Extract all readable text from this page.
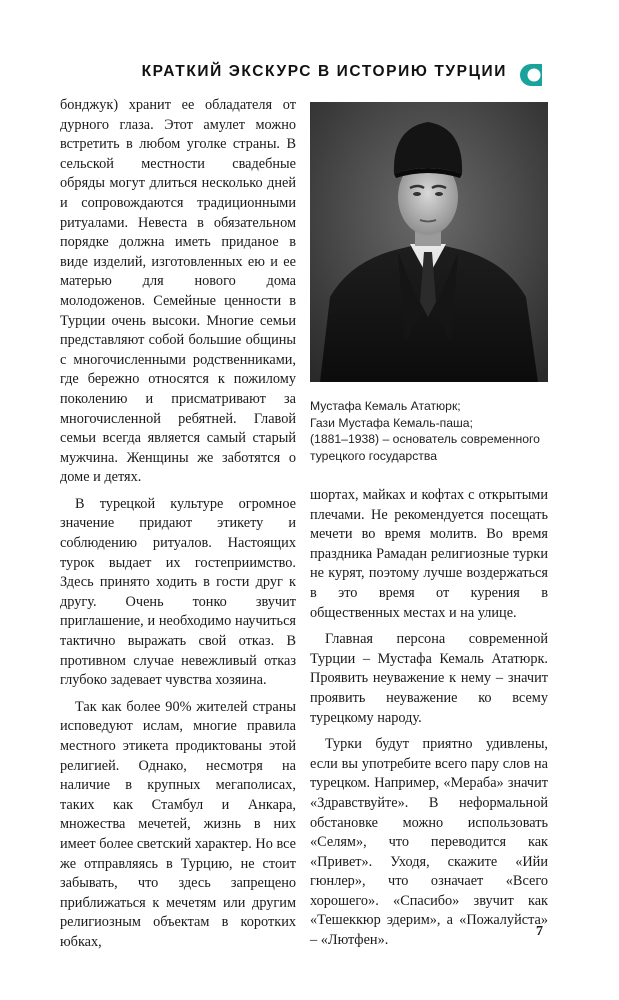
КРАТКИЙ ЭКСКУРС В ИСТОРИЮ ТУРЦИИ

бонджук) хранит ее обладателя от дурного глаза. Этот амулет можно встретить в любом уголке страны. В сельской местности свадебные обряды могут длиться несколько дней и сопровождаются традиционными ритуалами. Невеста в обязательном порядке должна иметь приданое в виде изделий, изготовленных ею и ее матерью для нового дома молодоженов. Семейные ценности в Турции очень высоки. Многие семьи представляют собой большие общины с многочисленными родственниками, где бережно относятся к пожилому поколению и присматривают за многочисленной ребятней. Главой семьи всегда является самый старый мужчина. Женщины же заботятся о доме и детях.

В турецкой культуре огромное значение придают этикету и соблюдению ритуалов. Настоящих турок выдает их гостеприимство. Здесь принято ходить в гости друг к другу. Очень тонко звучит приглашение, и необходимо научиться тактично выражать свой отказ. В противном случае невежливый отказ глубоко задевает чувства хозяина.

Так как более 90% жителей страны исповедуют ислам, многие правила местного этикета продиктованы этой религией. Однако, несмотря на наличие в крупных мегаполисах, таких как Стамбул и Анкара, множества мечетей, жизнь в них имеет более светский характер. Но все же отправляясь в Турцию, не стоит забывать, что здесь запрещено приближаться к мечетям или другим религиозным объектам в коротких юбках,

Мустафа Кемаль Ататюрк;
Гази Мустафа Кемаль-паша;
(1881–1938) – основатель современного
турецкого государства

шортах, майках и кофтах с открытыми плечами. Не рекомендуется посещать мечети во время молитв. Во время праздника Рамадан религиозные турки не курят, поэтому лучше воздержаться в это время от курения в общественных местах и на улице.

Главная персона современной Турции – Мустафа Кемаль Ататюрк. Проявить неуважение к нему – значит проявить неуважение ко всему турецкому народу.

Турки будут приятно удивлены, если вы употребите всего пару слов на турецком. Например, «Мераба» значит «Здравствуйте». В неформальной обстановке можно использовать «Селям», что переводится как «Привет». Уходя, скажите «Ийи гюнлер», что означает «Всего хорошего». «Спасибо» звучит как «Тешеккюр эдерим», а «Пожалуйста» – «Лютфен».

7
